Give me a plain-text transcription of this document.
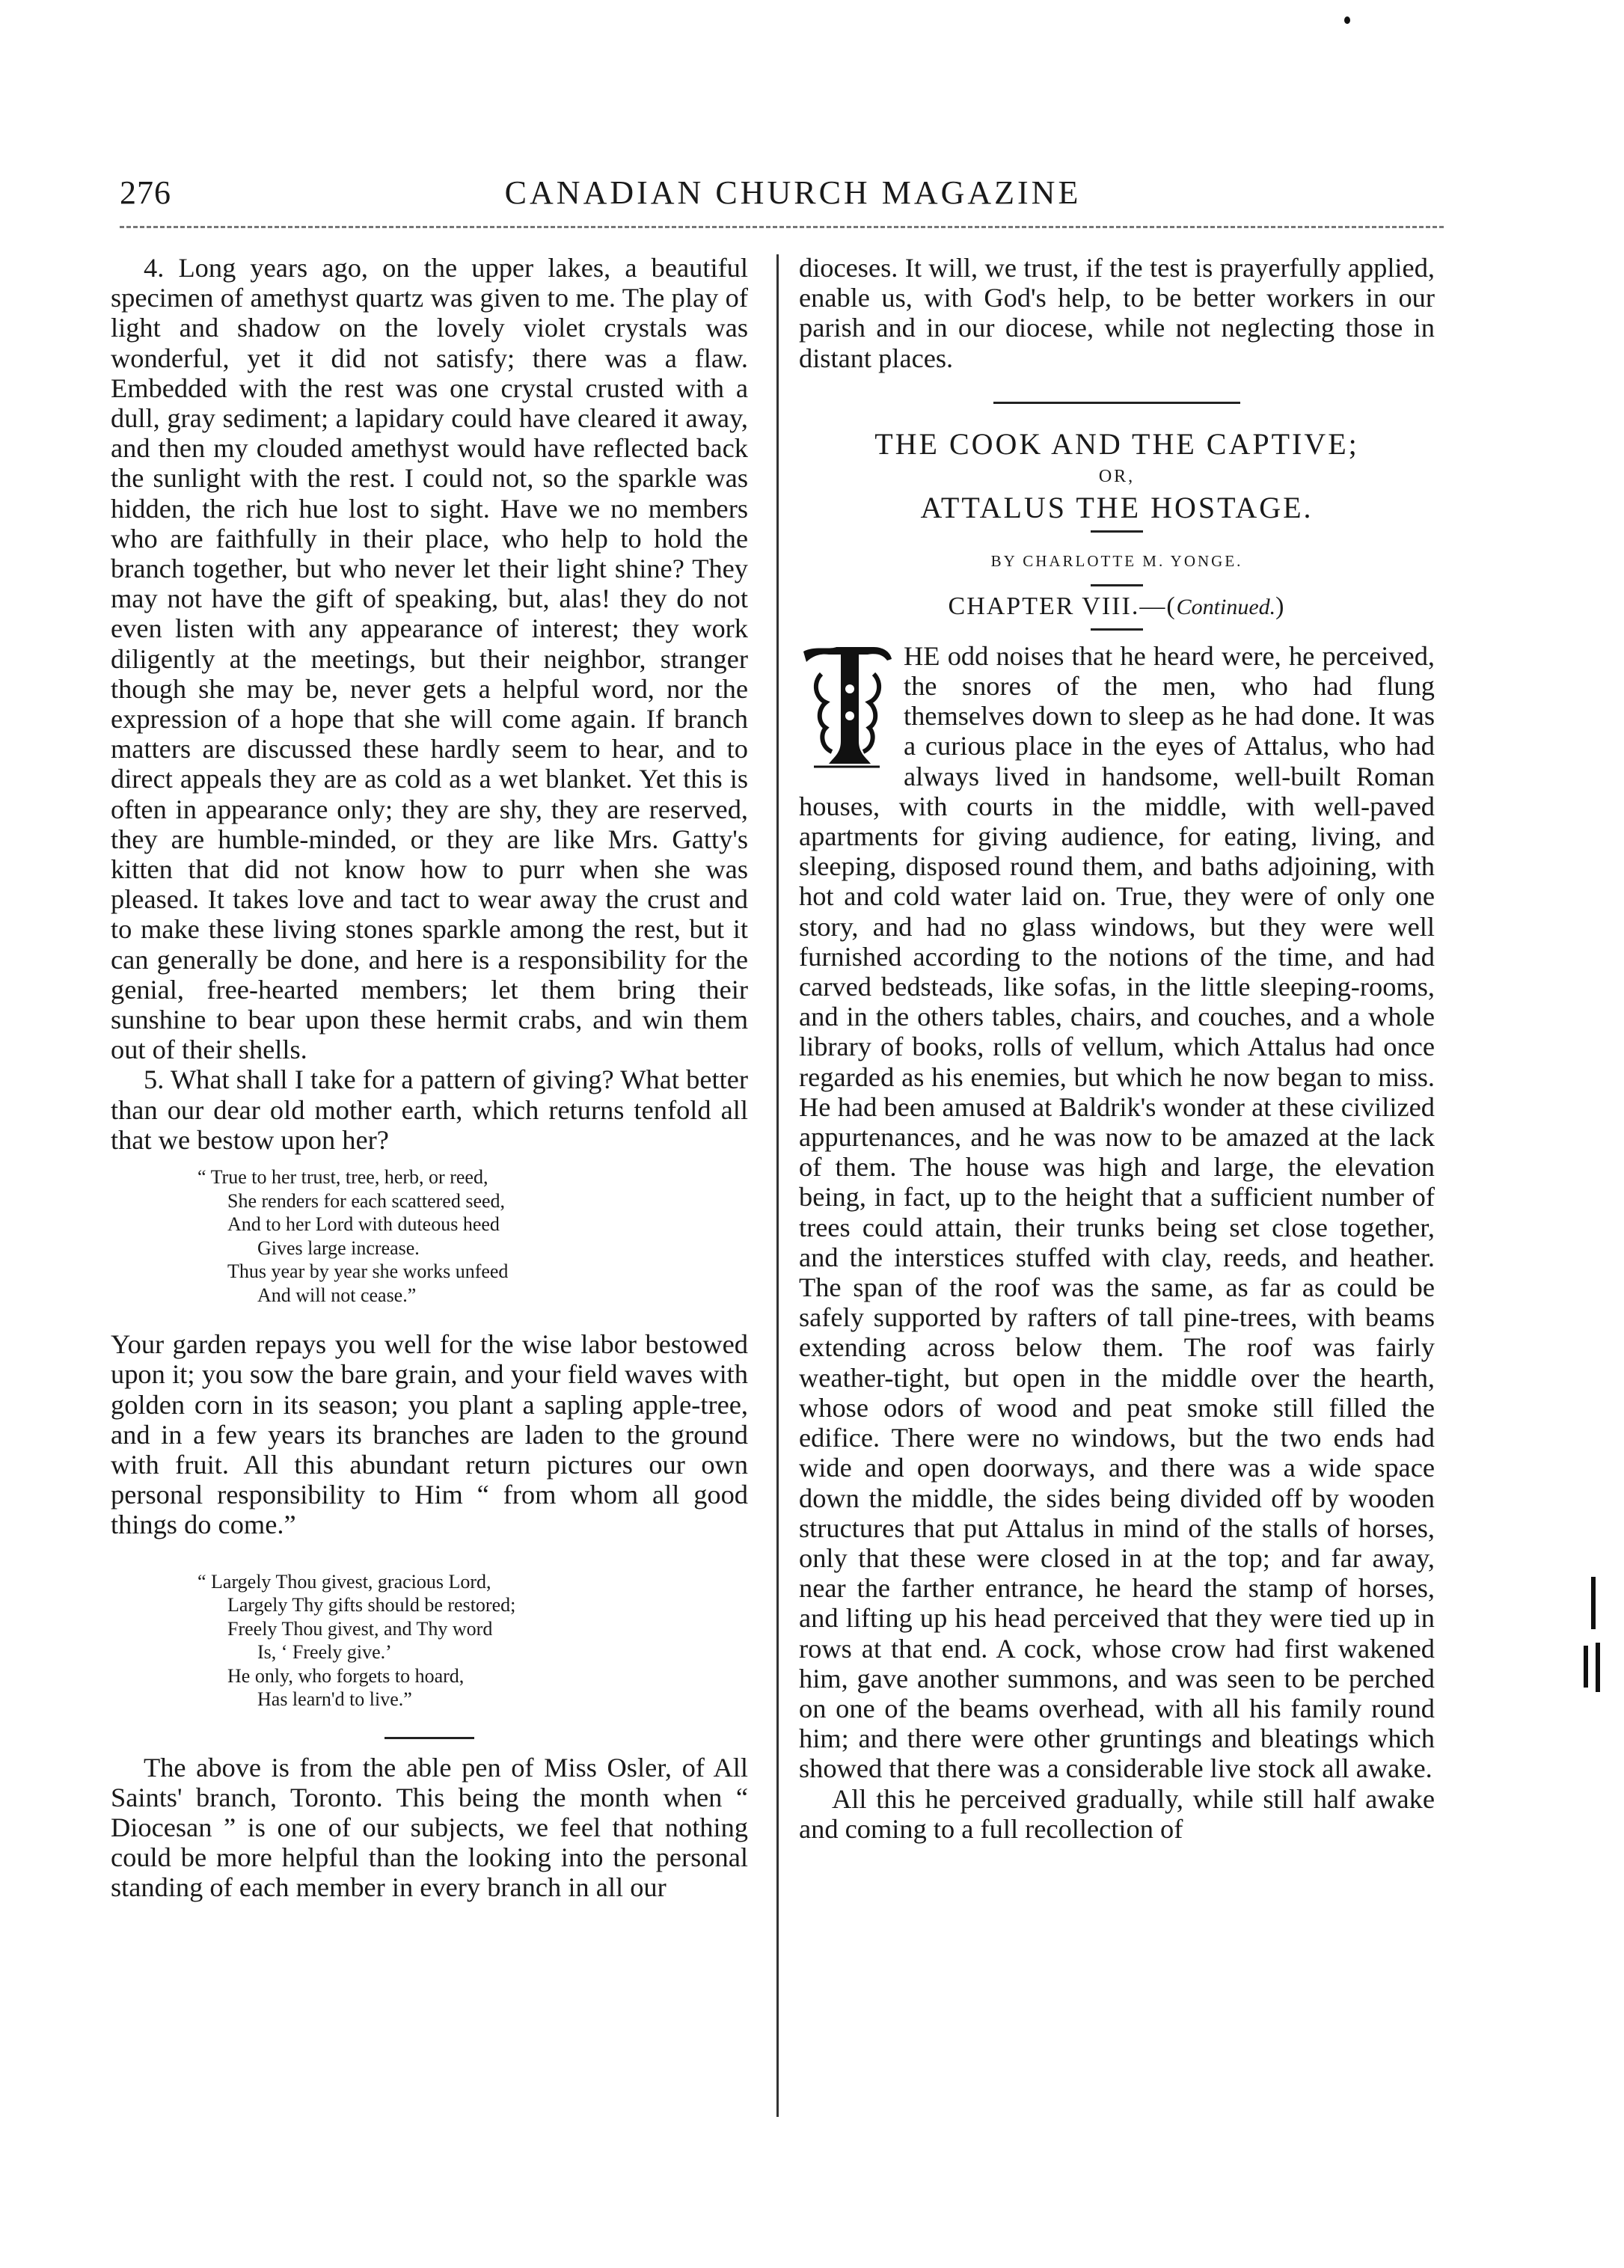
276	CANADIAN CHURCH MAGAZINE

4. Long years ago, on the upper lakes, a beautiful specimen of amethyst quartz was given to me. The play of light and shadow on the lovely violet crystals was wonderful, yet it did not satisfy; there was a flaw. Embedded with the rest was one crystal crusted with a dull, gray sediment; a lapidary could have cleared it away, and then my clouded amethyst would have reflected back the sunlight with the rest. I could not, so the sparkle was hidden, the rich hue lost to sight. Have we no members who are faithfully in their place, who help to hold the branch together, but who never let their light shine? They may not have the gift of speaking, but, alas! they do not even listen with any appearance of interest; they work diligently at the meetings, but their neighbor, stranger though she may be, never gets a helpful word, nor the expression of a hope that she will come again. If branch matters are discussed these hardly seem to hear, and to direct appeals they are as cold as a wet blanket. Yet this is often in appearance only; they are shy, they are reserved, they are humble-minded, or they are like Mrs. Gatty's kitten that did not know how to purr when she was pleased. It takes love and tact to wear away the crust and to make these living stones sparkle among the rest, but it can generally be done, and here is a responsibility for the genial, free-hearted members; let them bring their sunshine to bear upon these hermit crabs, and win them out of their shells.

5. What shall I take for a pattern of giving? What better than our dear old mother earth, which returns tenfold all that we bestow upon her?

“ True to her trust, tree, herb, or reed,
She renders for each scattered seed,
And to her Lord with duteous heed
Gives large increase.
Thus year by year she works unfeed
And will not cease.”

Your garden repays you well for the wise labor bestowed upon it; you sow the bare grain, and your field waves with golden corn in its season; you plant a sapling apple-tree, and in a few years its branches are laden to the ground with fruit. All this abundant return pictures our own personal responsibility to Him “ from whom all good things do come.”

“ Largely Thou givest, gracious Lord,
Largely Thy gifts should be restored;
Freely Thou givest, and Thy word
Is, ‘ Freely give.’
He only, who forgets to hoard,
Has learn'd to live.”

The above is from the able pen of Miss Osler, of All Saints' branch, Toronto. This being the month when “ Diocesan ” is one of our subjects, we feel that nothing could be more helpful than the looking into the personal standing of each member in every branch in all our

dioceses. It will, we trust, if the test is prayerfully applied, enable us, with God's help, to be better workers in our parish and in our diocese, while not neglecting those in distant places.

THE COOK AND THE CAPTIVE;
OR,
ATTALUS THE HOSTAGE.
BY CHARLOTTE M. YONGE.
CHAPTER VIII.—(Continued.)

HE odd noises that he heard were, he perceived, the snores of the men, who had flung themselves down to sleep as he had done. It was a curious place in the eyes of Attalus, who had always lived in handsome, well-built Roman houses, with courts in the middle, with well-paved apartments for giving audience, for eating, living, and sleeping, disposed round them, and baths adjoining, with hot and cold water laid on. True, they were of only one story, and had no glass windows, but they were well furnished according to the notions of the time, and had carved bedsteads, like sofas, in the little sleeping-rooms, and in the others tables, chairs, and couches, and a whole library of books, rolls of vellum, which Attalus had once regarded as his enemies, but which he now began to miss. He had been amused at Baldrik's wonder at these civilized appurtenances, and he was now to be amazed at the lack of them. The house was high and large, the elevation being, in fact, up to the height that a sufficient number of trees could attain, their trunks being set close together, and the interstices stuffed with clay, reeds, and heather. The span of the roof was the same, as far as could be safely supported by rafters of tall pine-trees, with beams extending across below them. The roof was fairly weather-tight, but open in the middle over the hearth, whose odors of wood and peat smoke still filled the edifice. There were no windows, but the two ends had wide and open doorways, and there was a wide space down the middle, the sides being divided off by wooden structures that put Attalus in mind of the stalls of horses, only that these were closed in at the top; and far away, near the farther entrance, he heard the stamp of horses, and lifting up his head perceived that they were tied up in rows at that end. A cock, whose crow had first wakened him, gave another summons, and was seen to be perched on one of the beams overhead, with all his family round him; and there were other gruntings and bleatings which showed that there was a considerable live stock all awake.

All this he perceived gradually, while still half awake and coming to a full recollection of
